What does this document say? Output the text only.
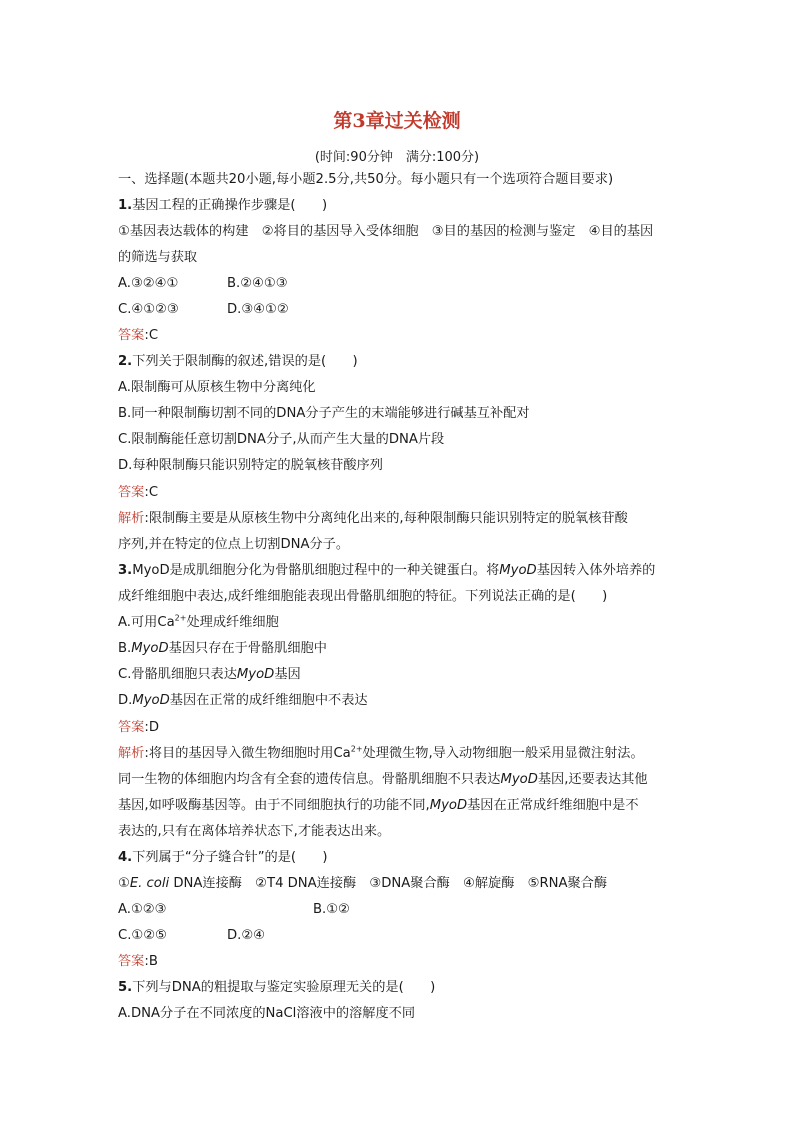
第3章过关检测
(时间:90分钟　满分:100分)
一、选择题(本题共20小题,每小题2.5分,共50分。每小题只有一个选项符合题目要求)
1.基因工程的正确操作步骤是(　　)
①基因表达载体的构建　②将目的基因导入受体细胞　③目的基因的检测与鉴定　④目的基因
的筛选与获取
A.③②④①	B.②④①③
C.④①②③	D.③④①②
答案:C
2.下列关于限制酶的叙述,错误的是(　　)
A.限制酶可从原核生物中分离纯化
B.同一种限制酶切割不同的DNA分子产生的末端能够进行碱基互补配对
C.限制酶能任意切割DNA分子,从而产生大量的DNA片段
D.每种限制酶只能识别特定的脱氧核苷酸序列
答案:C
解析:限制酶主要是从原核生物中分离纯化出来的,每种限制酶只能识别特定的脱氧核苷酸
序列,并在特定的位点上切割DNA分子。
3.MyoD是成肌细胞分化为骨骼肌细胞过程中的一种关键蛋白。将MyoD基因转入体外培养的
成纤维细胞中表达,成纤维细胞能表现出骨骼肌细胞的特征。下列说法正确的是(　　)
A.可用$Ca^{2+}$处理成纤维细胞
B.MyoD基因只存在于骨骼肌细胞中
C.骨骼肌细胞只表达MyoD基因
D.MyoD基因在正常的成纤维细胞中不表达
答案:D
解析:将目的基因导入微生物细胞时用$Ca^{2+}$处理微生物,导入动物细胞一般采用显微注射法。
同一生物的体细胞内均含有全套的遗传信息。骨骼肌细胞不只表达MyoD基因,还要表达其他
基因,如呼吸酶基因等。由于不同细胞执行的功能不同,MyoD基因在正常成纤维细胞中是不
表达的,只有在离体培养状态下,才能表达出来。
4.下列属于“分子缝合针”的是(　　)
①E. coli DNA连接酶　②T4 DNA连接酶　③DNA聚合酶　④解旋酶　⑤RNA聚合酶
A.①②③	B.①②
C.①②⑤	D.②④
答案:B
5.下列与DNA的粗提取与鉴定实验原理无关的是(　　)
A.DNA分子在不同浓度的NaCl溶液中的溶解度不同
